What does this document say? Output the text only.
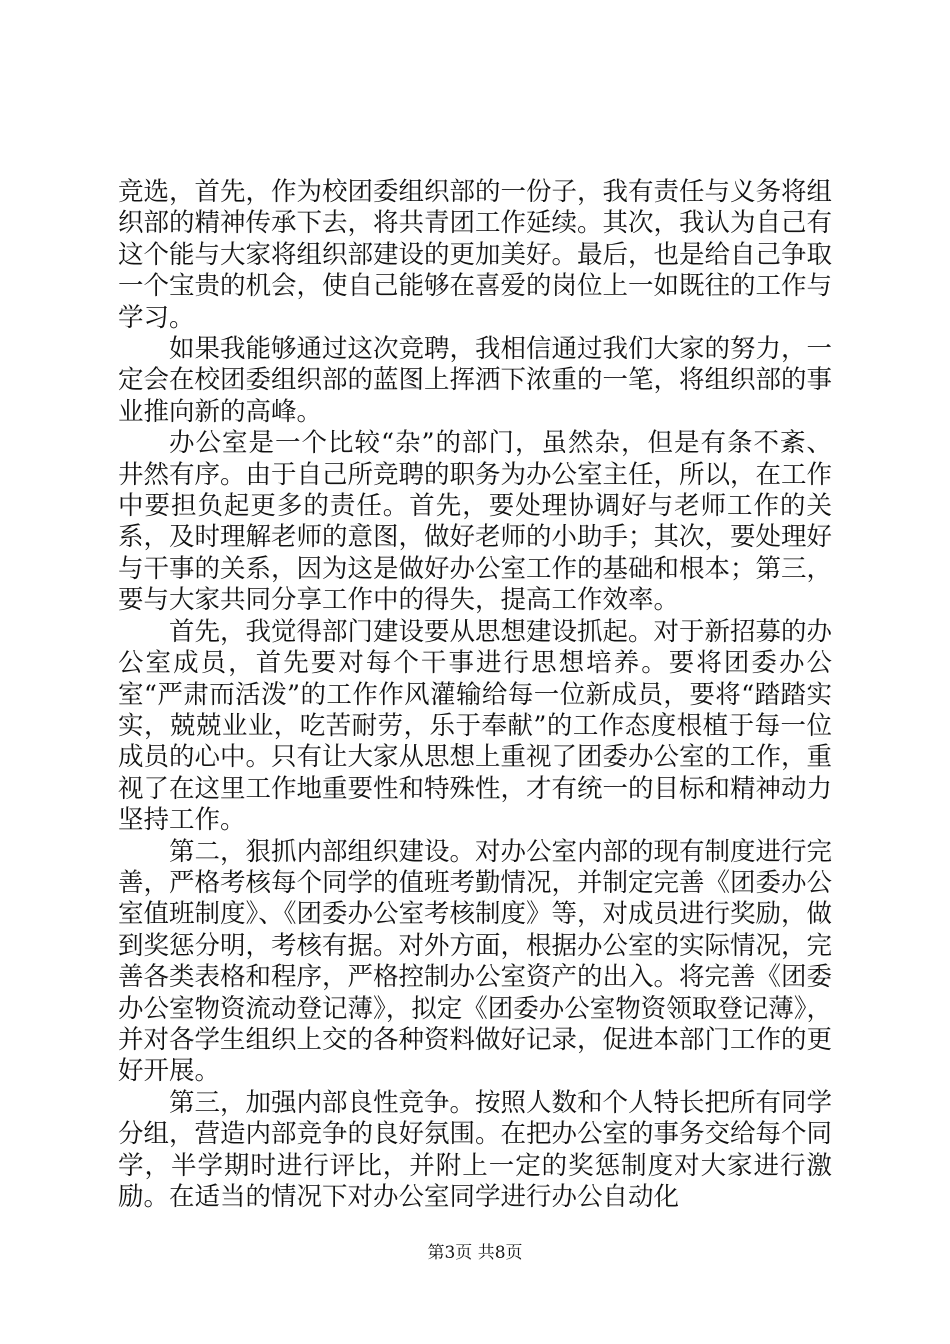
竞选，首先，作为校团委组织部的一份子，我有责任与义务将组织部的精神传承下去，将共青团工作延续。其次，我认为自己有这个能与大家将组织部建设的更加美好。最后，也是给自己争取一个宝贵的机会，使自己能够在喜爱的岗位上一如既往的工作与学习。

如果我能够通过这次竞聘，我相信通过我们大家的努力，一定会在校团委组织部的蓝图上挥洒下浓重的一笔，将组织部的事业推向新的高峰。

办公室是一个比较“杂”的部门，虽然杂，但是有条不紊、井然有序。由于自己所竞聘的职务为办公室主任，所以，在工作中要担负起更多的责任。首先，要处理协调好与老师工作的关系，及时理解老师的意图，做好老师的小助手；其次，要处理好与干事的关系，因为这是做好办公室工作的基础和根本；第三，要与大家共同分享工作中的得失，提高工作效率。

首先，我觉得部门建设要从思想建设抓起。对于新招募的办公室成员，首先要对每个干事进行思想培养。要将团委办公室“严肃而活泼”的工作作风灌输给每一位新成员，要将“踏踏实实，兢兢业业，吃苦耐劳，乐于奉献”的工作态度根植于每一位成员的心中。只有让大家从思想上重视了团委办公室的工作，重视了在这里工作地重要性和特殊性，才有统一的目标和精神动力坚持工作。

第二，狠抓内部组织建设。对办公室内部的现有制度进行完善，严格考核每个同学的值班考勤情况，并制定完善《团委办公室值班制度》、《团委办公室考核制度》等，对成员进行奖励，做到奖惩分明，考核有据。对外方面，根据办公室的实际情况，完善各类表格和程序，严格控制办公室资产的出入。将完善《团委办公室物资流动登记薄》，拟定《团委办公室物资领取登记薄》，并对各学生组织上交的各种资料做好记录，促进本部门工作的更好开展。

第三，加强内部良性竞争。按照人数和个人特长把所有同学分组，营造内部竞争的良好氛围。在把办公室的事务交给每个同学，半学期时进行评比，并附上一定的奖惩制度对大家进行激励。在适当的情况下对办公室同学进行办公自动化

第3页 共8页
